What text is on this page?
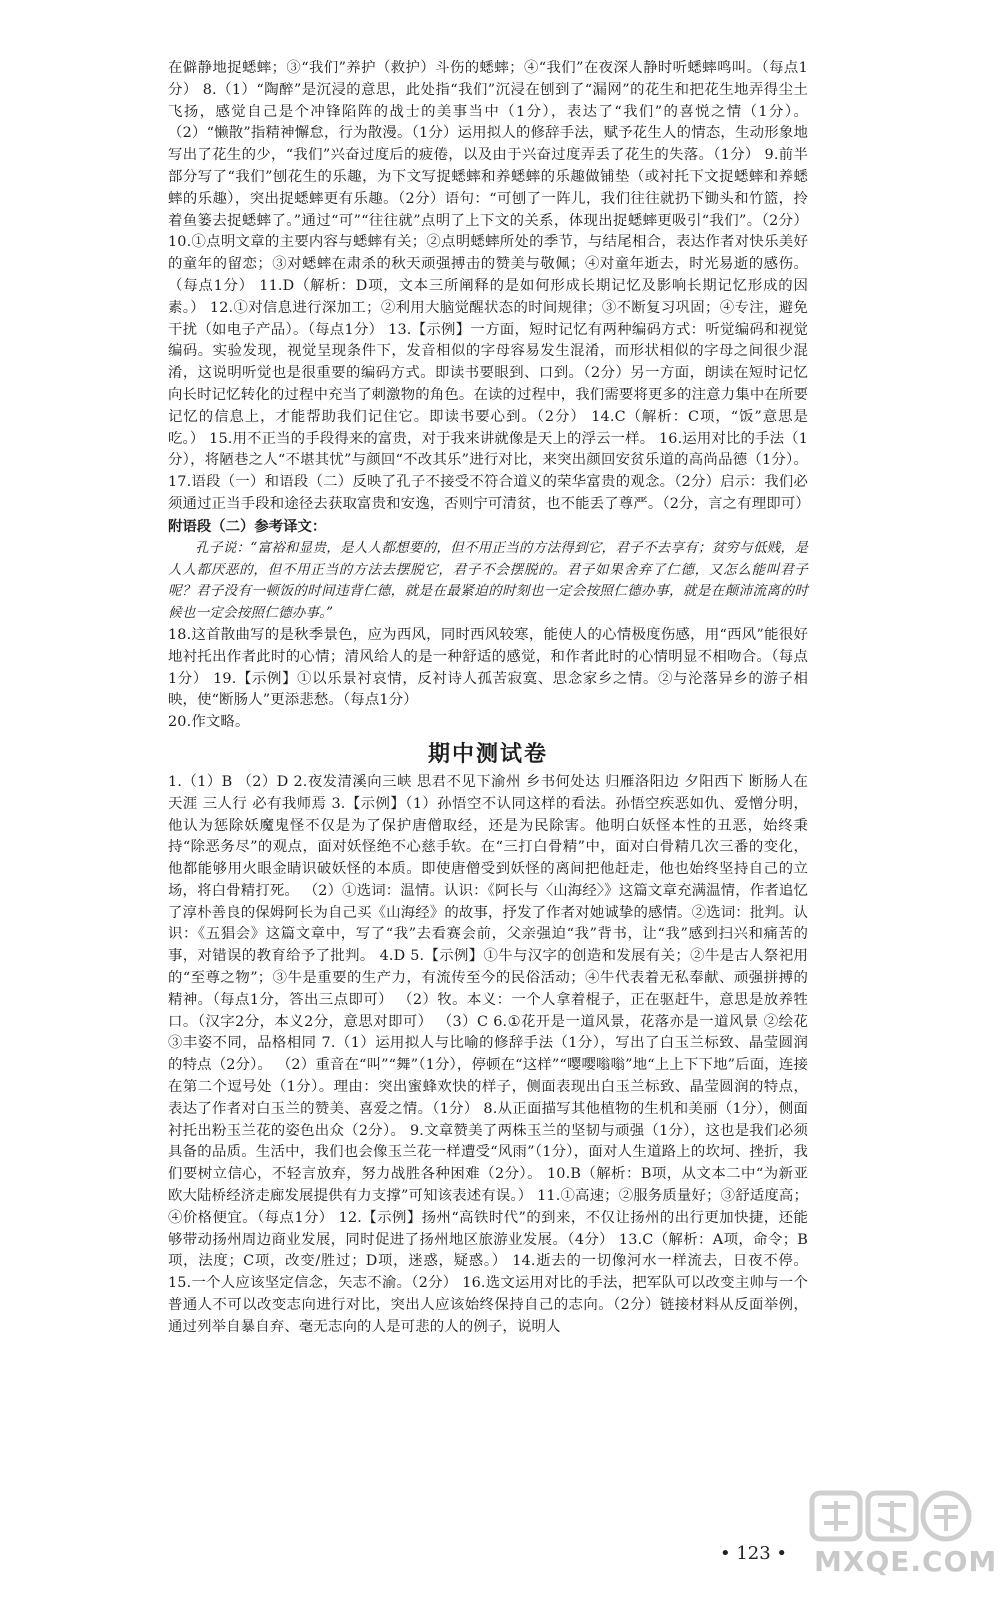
在僻静地捉蟋蟀；③“我们”养护（救护）斗伤的蟋蟀；④“我们”在夜深人静时听蟋蟀鸣叫。（每点1分） 8.（1）“陶醉”是沉浸的意思，此处指“我们”沉浸在刨到了“漏网”的花生和把花生地弄得尘土飞扬，感觉自己是个冲锋陷阵的战士的美事当中（1分），表达了“我们”的喜悦之情（1分）。 （2）“懒散”指精神懈怠，行为散漫。（1分）运用拟人的修辞手法，赋予花生人的情态，生动形象地写出了花生的少，“我们”兴奋过度后的疲倦，以及由于兴奋过度弄丢了花生的失落。（1分） 9.前半部分写了“我们”刨花生的乐趣，为下文写捉蟋蟀和养蟋蟀的乐趣做铺垫（或衬托下文捉蟋蟀和养蟋蟀的乐趣），突出捉蟋蟀更有乐趣。（2分）语句：“可刨了一阵儿，我们往往就扔下锄头和竹篮，拎着鱼篓去捉蟋蟀了。”通过“可”“往往就”点明了上下文的关系，体现出捉蟋蟀更吸引“我们”。（2分） 10.①点明文章的主要内容与蟋蟀有关；②点明蟋蟀所处的季节，与结尾相合，表达作者对快乐美好的童年的留恋；③对蟋蟀在肃杀的秋天顽强搏击的赞美与敬佩；④对童年逝去，时光易逝的感伤。（每点1分） 11.D（解析：D项，文本三所阐释的是如何形成长期记忆及影响长期记忆形成的因素。） 12.①对信息进行深加工；②利用大脑觉醒状态的时间规律；③不断复习巩固；④专注，避免干扰（如电子产品）。（每点1分） 13.【示例】一方面，短时记忆有两种编码方式：听觉编码和视觉编码。实验发现，视觉呈现条件下，发音相似的字母容易发生混淆，而形状相似的字母之间很少混淆，这说明听觉也是很重要的编码方式。即读书要眼到、口到。（2分）另一方面，朗读在短时记忆向长时记忆转化的过程中充当了刺激物的角色。在读的过程中，我们需要将更多的注意力集中在所要记忆的信息上，才能帮助我们记住它。即读书要心到。（2分） 14.C（解析：C项，“饭”意思是吃。） 15.用不正当的手段得来的富贵，对于我来讲就像是天上的浮云一样。 16.运用对比的手法（1分），将陋巷之人“不堪其忧”与颜回“不改其乐”进行对比，来突出颜回安贫乐道的高尚品德（1分）。 17.语段（一）和语段（二）反映了孔子不接受不符合道义的荣华富贵的观念。（2分）启示：我们必须通过正当手段和途径去获取富贵和安逸，否则宁可清贫，也不能丢了尊严。（2分，言之有理即可）

附语段（二）参考译文：

孔子说：“富裕和显贵，是人人都想要的，但不用正当的方法得到它，君子不去享有；贫穷与低贱，是人人都厌恶的，但不用正当的方法去摆脱它，君子不会摆脱的。君子如果舍弃了仁德，又怎么能叫君子呢？君子没有一顿饭的时间违背仁德，就是在最紧迫的时刻也一定会按照仁德办事，就是在颠沛流离的时候也一定会按照仁德办事。”

18.这首散曲写的是秋季景色，应为西风，同时西风较寒，能使人的心情极度伤感，用“西风”能很好地衬托出作者此时的心情；清风给人的是一种舒适的感觉，和作者此时的心情明显不相吻合。（每点1分） 19.【示例】①以乐景衬哀情，反衬诗人孤苦寂寞、思念家乡之情。②与沦落异乡的游子相映，使“断肠人”更添悲愁。（每点1分）

20.作文略。

期中测试卷

1.（1）B （2）D 2.夜发清溪向三峡 思君不见下渝州 乡书何处达 归雁洛阳边 夕阳西下 断肠人在天涯 三人行 必有我师焉 3.【示例】（1）孙悟空不认同这样的看法。孙悟空疾恶如仇、爱憎分明，他认为惩除妖魔鬼怪不仅是为了保护唐僧取经，还是为民除害。他明白妖怪本性的丑恶，始终秉持“除恶务尽”的观点，面对妖怪绝不心慈手软。在“三打白骨精”中，面对白骨精几次三番的变化，他都能够用火眼金睛识破妖怪的本质。即使唐僧受到妖怪的离间把他赶走，他也始终坚持自己的立场，将白骨精打死。 （2）①选词：温情。认识：《阿长与〈山海经〉》这篇文章充满温情，作者追忆了淳朴善良的保姆阿长为自己买《山海经》的故事，抒发了作者对她诚挚的感情。②选词：批判。认识：《五猖会》这篇文章中，写了“我”去看赛会前，父亲强迫“我”背书，让“我”感到扫兴和痛苦的事，对错误的教育给予了批判。 4.D 5.【示例】①牛与汉字的创造和发展有关；②牛是古人祭祀用的“至尊之物”；③牛是重要的生产力，有流传至今的民俗活动；④牛代表着无私奉献、顽强拼搏的精神。（每点1分，答出三点即可） （2）牧。本义：一个人拿着棍子，正在驱赶牛，意思是放养牲口。（汉字2分，本义2分，意思对即可） （3）C 6.①花开是一道风景，花落亦是一道风景 ②绘花 ③丰姿不同，品格相同 7.（1）运用拟人与比喻的修辞手法（1分），写出了白玉兰标致、晶莹圆润的特点（2分）。 （2）重音在“叫”“舞”（1分），停顿在“这样”“嘤嘤嗡嗡”地“上上下下地”后面，连接在第二个逗号处（1分）。理由：突出蜜蜂欢快的样子，侧面表现出白玉兰标致、晶莹圆润的特点，表达了作者对白玉兰的赞美、喜爱之情。（1分） 8.从正面描写其他植物的生机和美丽（1分），侧面衬托出粉玉兰花的姿色出众（2分）。 9.文章赞美了两株玉兰的坚韧与顽强（1分），这也是我们必须具备的品质。生活中，我们也会像玉兰花一样遭受“风雨”（1分），面对人生道路上的坎坷、挫折，我们要树立信心，不轻言放弃，努力战胜各种困难（2分）。 10.B（解析：B项，从文本二中“为新亚欧大陆桥经济走廊发展提供有力支撑”可知该表述有误。） 11.①高速；②服务质量好；③舒适度高；④价格便宜。（每点1分） 12.【示例】扬州“高铁时代”的到来，不仅让扬州的出行更加快捷，还能够带动扬州周边商业发展，同时促进了扬州地区旅游业发展。（4分） 13.C（解析：A项，命令；B项，法度；C项，改变/胜过；D项，迷惑，疑惑。） 14.逝去的一切像河水一样流去，日夜不停。 15.一个人应该坚定信念，矢志不渝。（2分） 16.选文运用对比的手法，把军队可以改变主帅与一个普通人不可以改变志向进行对比，突出人应该始终保持自己的志向。（2分）链接材料从反面举例，通过列举自暴自弃、毫无志向的人是可悲的人的例子，说明人

• 123 • MXQE.COM
